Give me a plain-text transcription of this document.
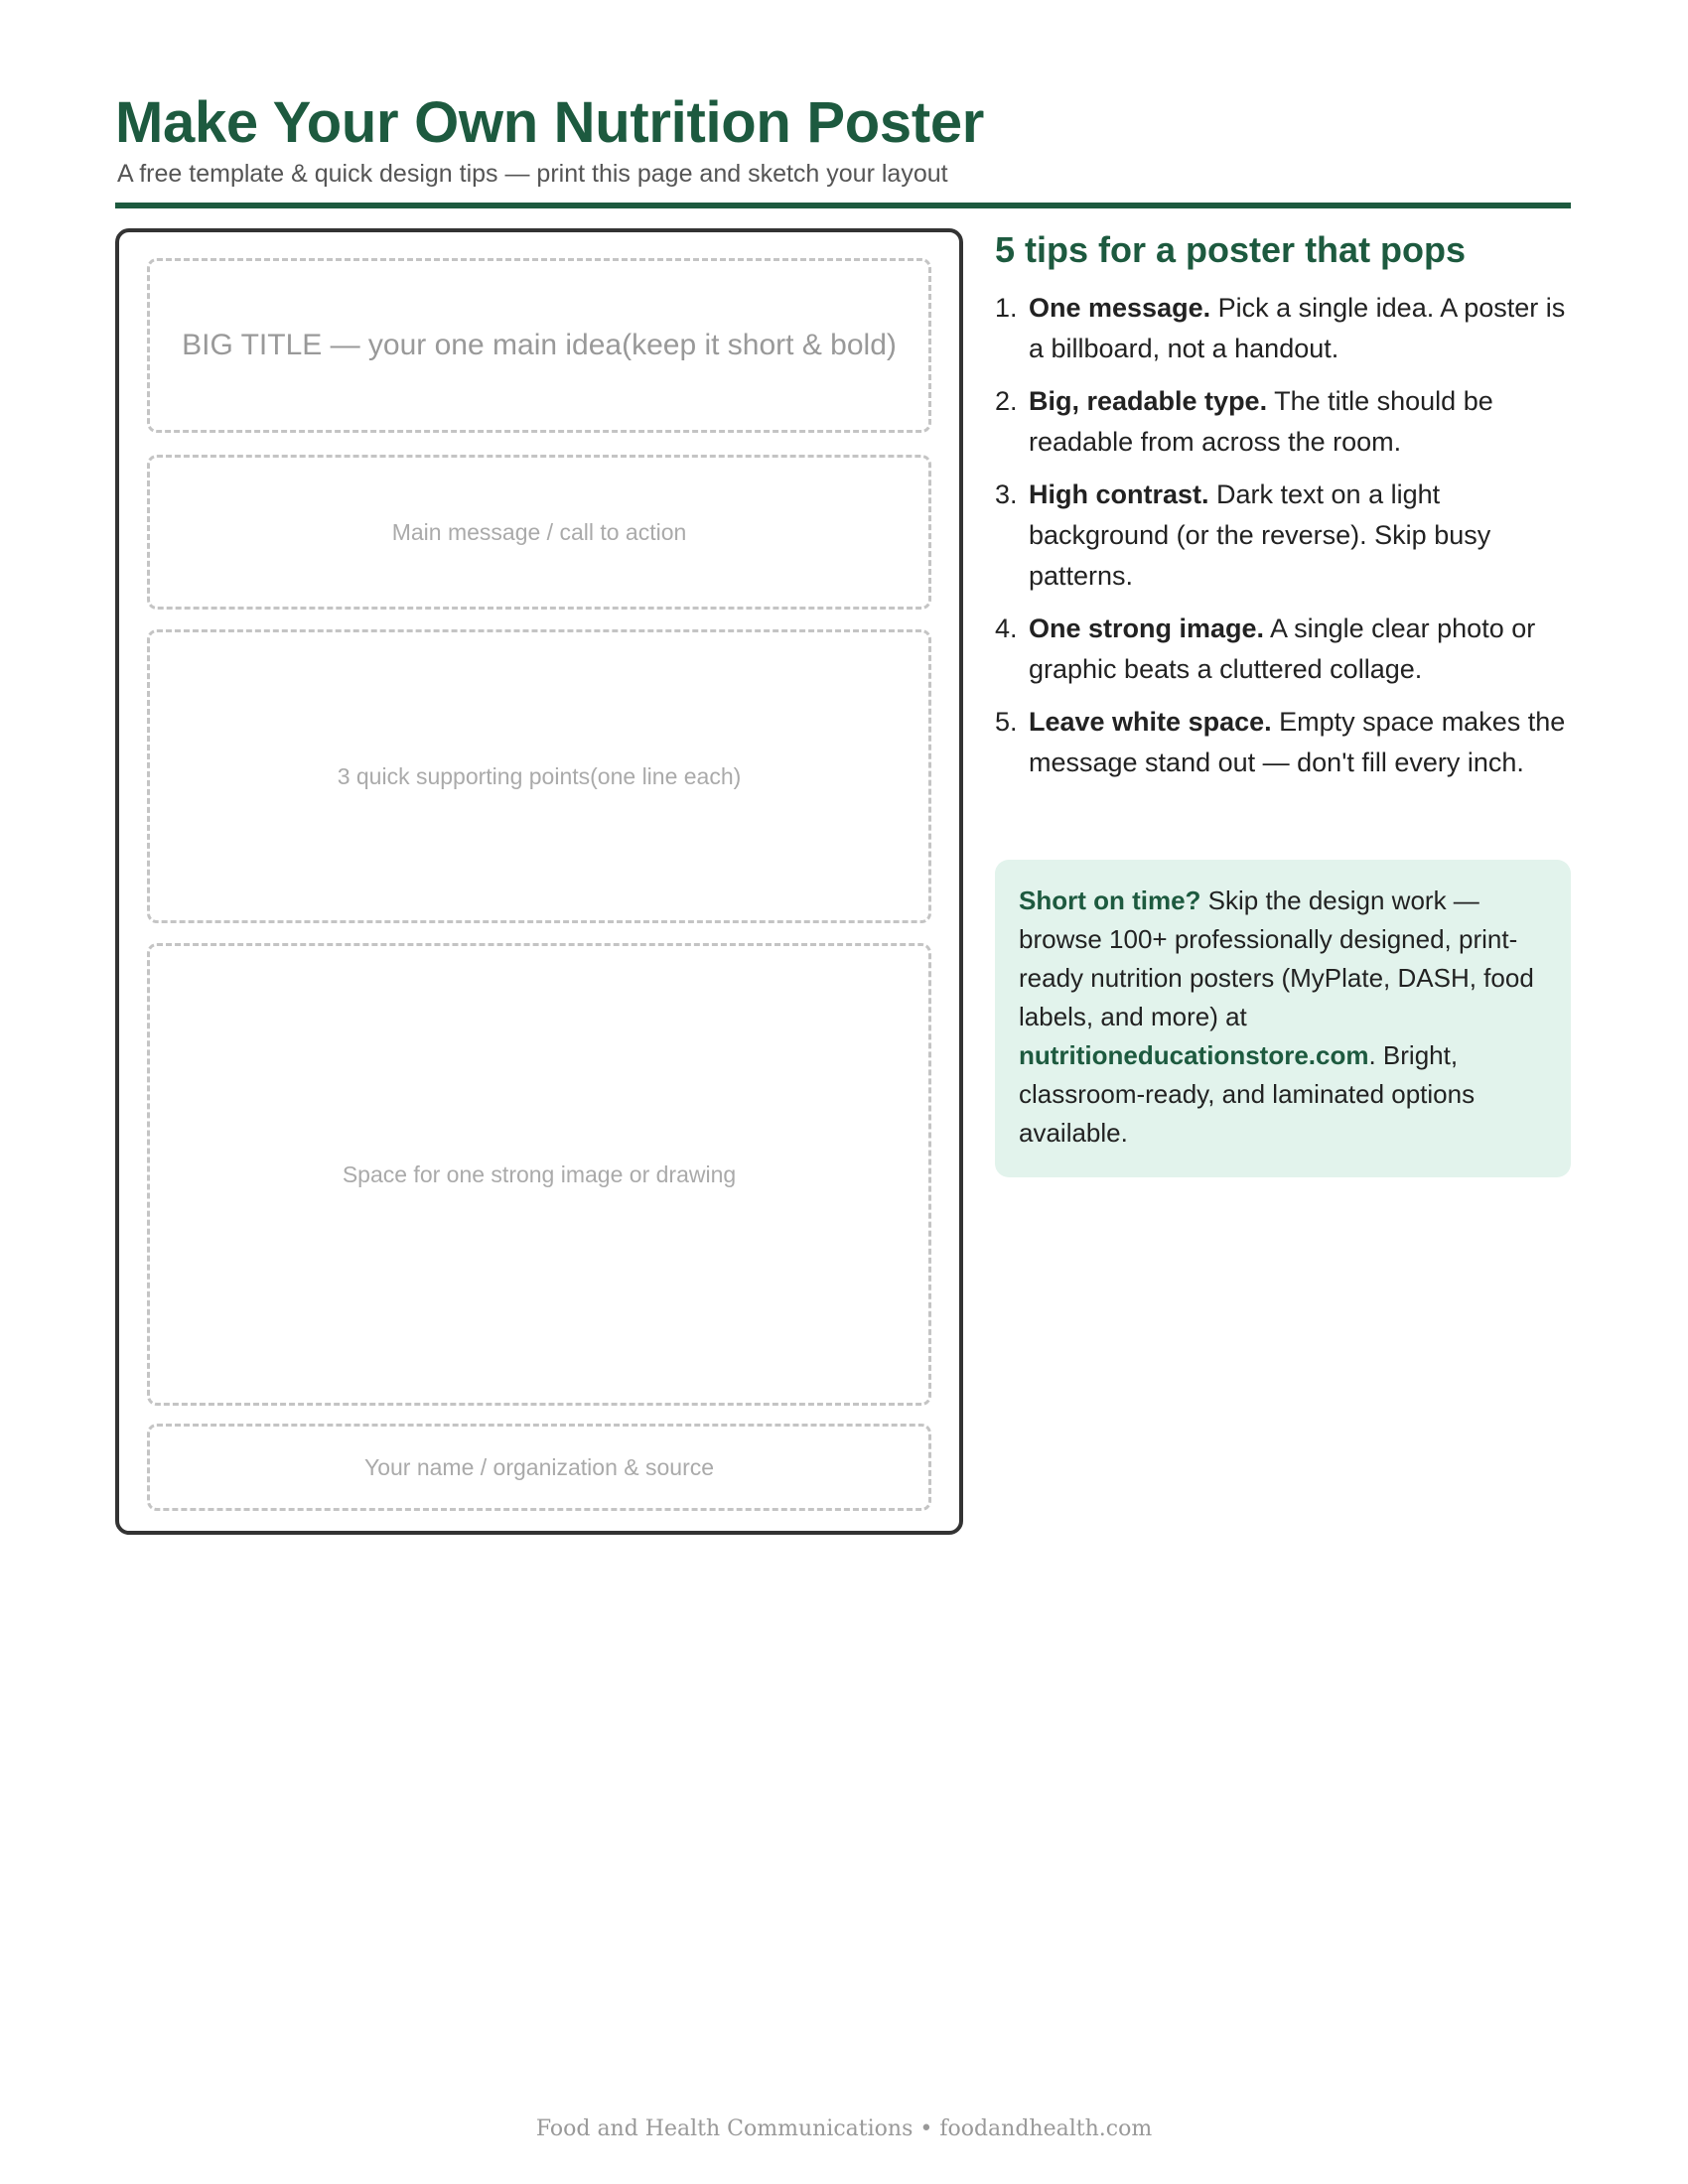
Make Your Own Nutrition Poster
A free template & quick design tips — print this page and sketch your layout
BIG TITLE — your one main idea(keep it short & bold)
Main message / call to action
3 quick supporting points(one line each)
Space for one strong image or drawing
Your name / organization & source
5 tips for a poster that pops
1. One message. Pick a single idea. A poster is a billboard, not a handout.
2. Big, readable type. The title should be readable from across the room.
3. High contrast. Dark text on a light background (or the reverse). Skip busy patterns.
4. One strong image. A single clear photo or graphic beats a cluttered collage.
5. Leave white space. Empty space makes the message stand out — don't fill every inch.
Short on time? Skip the design work — browse 100+ professionally designed, print-ready nutrition posters (MyPlate, DASH, food labels, and more) at nutritioneducationstore.com. Bright, classroom-ready, and laminated options available.
Food and Health Communications • foodandhealth.com
